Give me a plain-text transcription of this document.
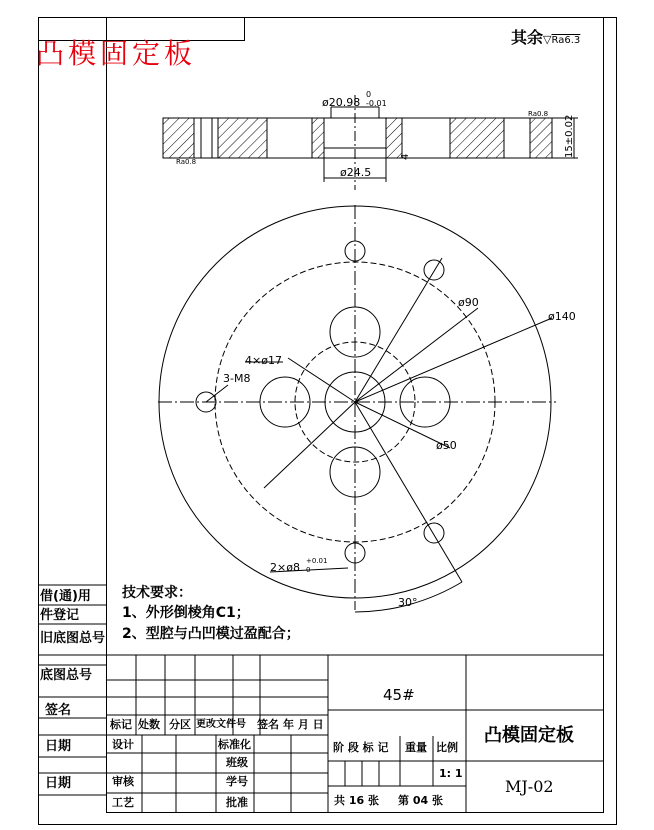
凸模固定板	其余▽Ra6.3
ø20.98
0
-0.01
ø24.5
4	15±0.02
Ra0.8
Ra0.8
ø90
ø140
ø50
4×ø17
3-M8
2×ø8 +0.01
0
30°
技术要求：
1、外形倒棱角C1；
2、型腔与凸凹模过盈配合；
借(通)用
件登记
旧底图总号
底图总号
签名
日期
日期
45#
凸模固定板
MJ-02
标记 处数 分区 更改文件号 签名 年 月 日
设计
审核
工艺
标准化
班级
学号
批准
阶 段 标 记 重量 比例
1: 1
共 16 张 第 04 张
